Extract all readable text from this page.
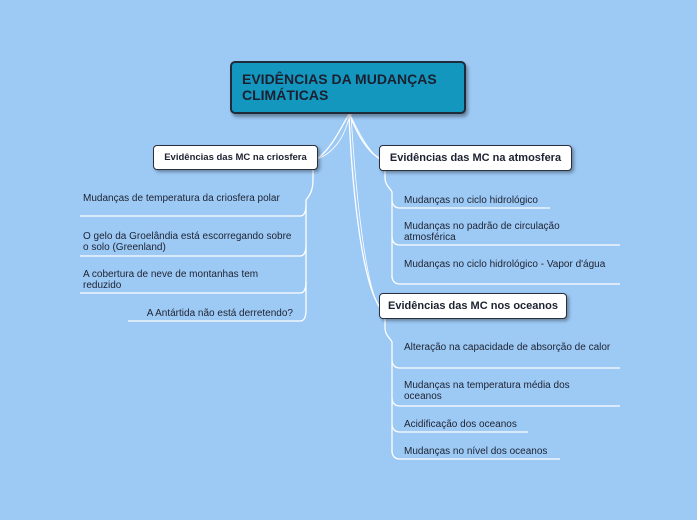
EVIDÊNCIAS DA MUDANÇAS CLIMÁTICAS
Evidências das MC na criosfera	Evidências das MC na atmosfera
Evidências das MC nos oceanos
Mudanças de temperatura da criosfera polar
O gelo da Groelândia está escorregando sobre o solo (Greenland)
A cobertura de neve de montanhas tem reduzido
A Antártida não está derretendo?
Mudanças no ciclo hidrológico
Mudanças no padrão de circulação atmosférica
Mudanças no ciclo hidrológico - Vapor d'água
Alteração na capacidade de absorção de calor
Mudanças na temperatura média dos oceanos
Acidificação dos oceanos
Mudanças no nível dos oceanos
